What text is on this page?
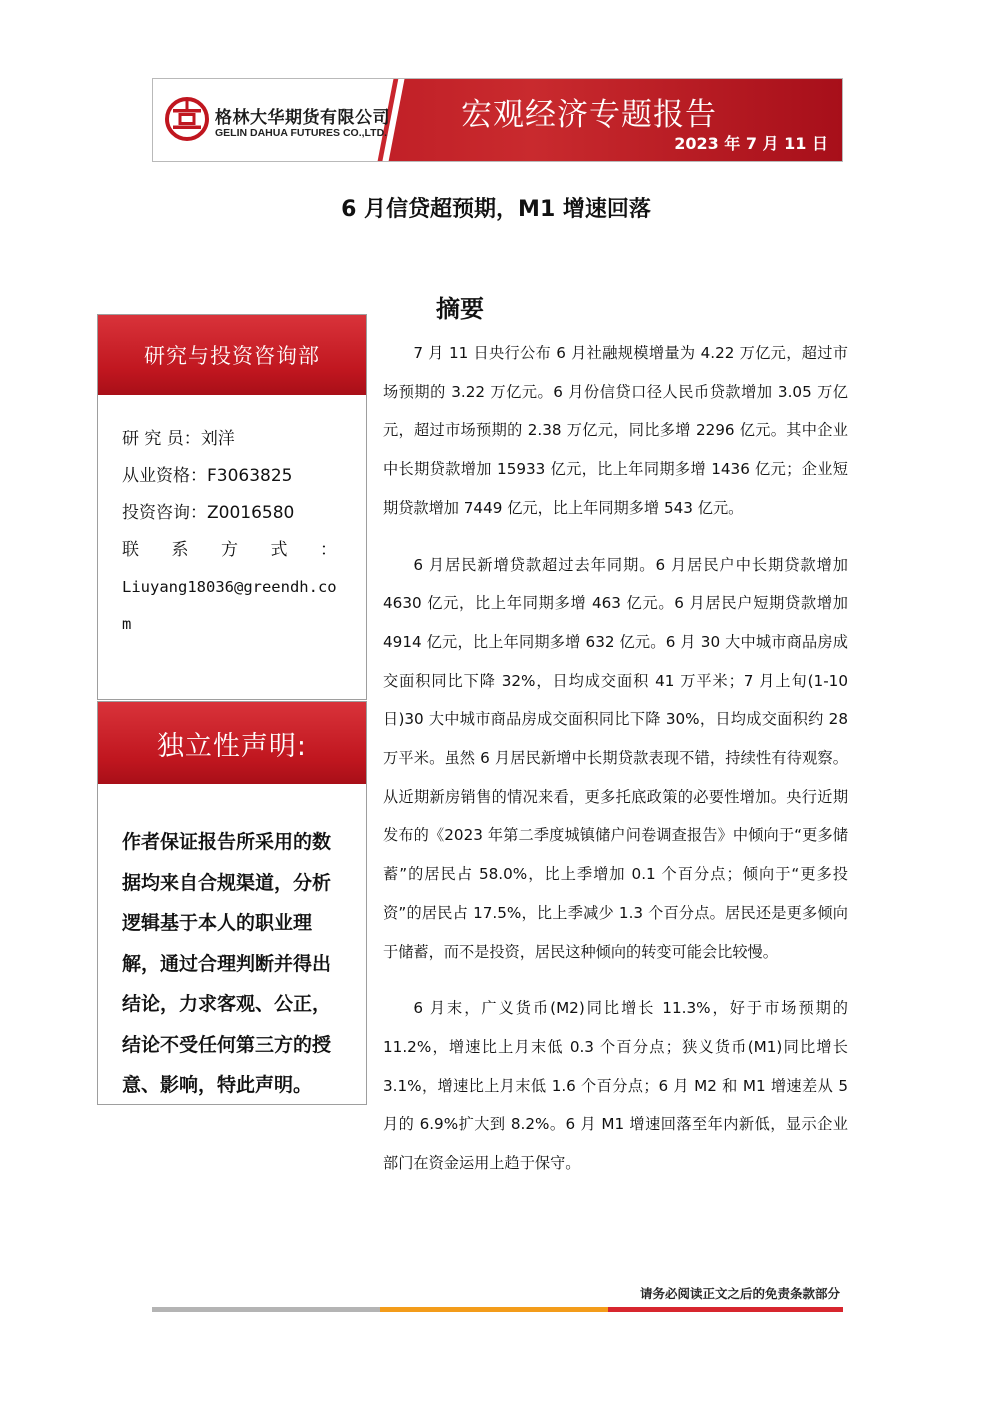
格林大华期货有限公司
GELIN DAHUA FUTURES CO.,LTD. 宏观经济专题报告
2023 年 7 月 11 日
6 月信贷超预期，M1 增速回落
摘要
研究与投资咨询部
研 究 员：刘洋
从业资格：F3063825
投资咨询：Z0016580
联 系 方 式 ：
Liuyang18036@greendh.com
独立性声明:
作者保证报告所采用的数据均来自合规渠道，分析逻辑基于本人的职业理解，通过合理判断并得出结论，力求客观、公正，结论不受任何第三方的授意、影响，特此声明。

7 月 11 日央行公布 6 月社融规模增量为 4.22 万亿元，超过市场预期的 3.22 万亿元。6 月份信贷口径人民币贷款增加 3.05 万亿元，超过市场预期的 2.38 万亿元，同比多增 2296 亿元。其中企业中长期贷款增加 15933 亿元，比上年同期多增 1436 亿元；企业短期贷款增加 7449 亿元，比上年同期多增 543 亿元。

6 月居民新增贷款超过去年同期。6 月居民户中长期贷款增加 4630 亿元，比上年同期多增 463 亿元。6 月居民户短期贷款增加 4914 亿元，比上年同期多增 632 亿元。6 月 30 大中城市商品房成交面积同比下降 32%，日均成交面积 41 万平米；7 月上旬(1-10 日)30 大中城市商品房成交面积同比下降 30%，日均成交面积约 28 万平米。虽然 6 月居民新增中长期贷款表现不错，持续性有待观察。从近期新房销售的情况来看，更多托底政策的必要性增加。央行近期发布的《2023 年第二季度城镇储户问卷调查报告》中倾向于“更多储蓄”的居民占 58.0%，比上季增加 0.1 个百分点；倾向于“更多投资”的居民占 17.5%，比上季减少 1.3 个百分点。居民还是更多倾向于储蓄，而不是投资，居民这种倾向的转变可能会比较慢。

6 月末，广义货币(M2)同比增长 11.3%，好于市场预期的 11.2%，增速比上月末低 0.3 个百分点；狭义货币(M1)同比增长 3.1%，增速比上月末低 1.6 个百分点；6 月 M2 和 M1 增速差从 5 月的 6.9%扩大到 8.2%。6 月 M1 增速回落至年内新低，显示企业部门在资金运用上趋于保守。

请务必阅读正文之后的免责条款部分
